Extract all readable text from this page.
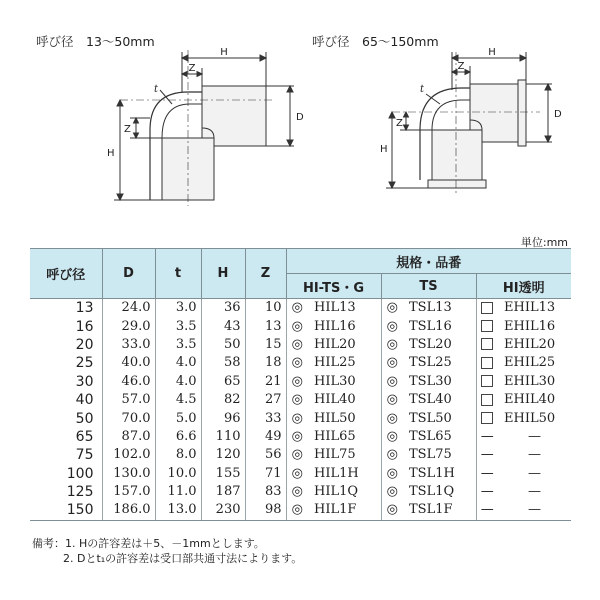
呼び径　13〜50mm	呼び径　65〜150mm
H
Z
D
H
Z
t
H
Z
D
H
Z
t
単位:mm
呼び径	D	t	H	Z	規格・品番					
					HI-TS・G		TS		HI透明	
13	24.0	3.0	36	10	◎	HIL13	◎	TSL13		EHIL13
16	29.0	3.5	43	13	◎	HIL16	◎	TSL16		EHIL16
20	33.0	3.5	50	15	◎	HIL20	◎	TSL20		EHIL20
25	40.0	4.0	58	18	◎	HIL25	◎	TSL25		EHIL25
30	46.0	4.0	65	21	◎	HIL30	◎	TSL30		EHIL30
40	57.0	4.5	82	27	◎	HIL40	◎	TSL40		EHIL40
50	70.0	5.0	96	33	◎	HIL50	◎	TSL50		EHIL50
65	87.0	6.6	110	49	◎	HIL65	◎	TSL65	—	—
75	102.0	8.0	120	56	◎	HIL75	◎	TSL75	—	—
100	130.0	10.0	155	71	◎	HIL1H	◎	TSL1H	—	—
125	157.0	11.0	187	83	◎	HIL1Q	◎	TSL1Q	—	—
150	186.0	13.0	230	98	◎	HIL1F	◎	TSL1F	—	—
備考：1. Hの許容差は＋5、－1mmとします。
2. Dとt₁の許容差は受口部共通寸法によります。
